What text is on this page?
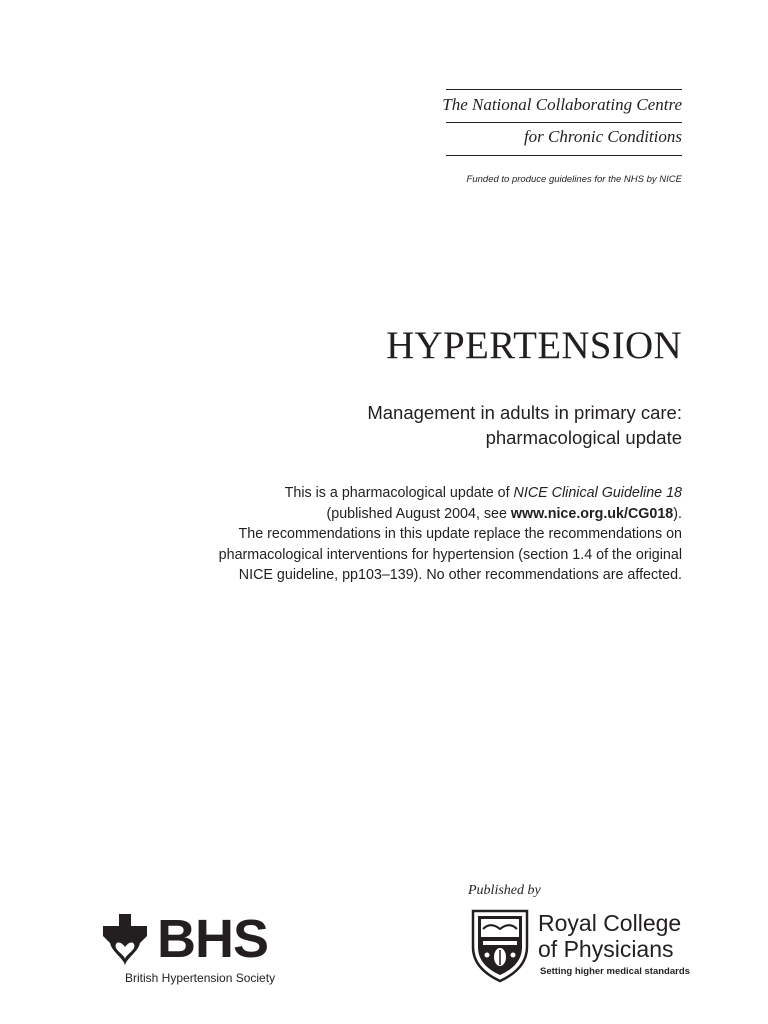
The National Collaborating Centre
for Chronic Conditions
Funded to produce guidelines for the NHS by NICE
HYPERTENSION
Management in adults in primary care:
pharmacological update
This is a pharmacological update of NICE Clinical Guideline 18
(published August 2004, see www.nice.org.uk/CG018).
The recommendations in this update replace the recommendations on
pharmacological interventions for hypertension (section 1.4 of the original
NICE guideline, pp103–139). No other recommendations are affected.
Published by
BHS
British Hypertension Society
Royal College
of Physicians
Setting higher medical standards
